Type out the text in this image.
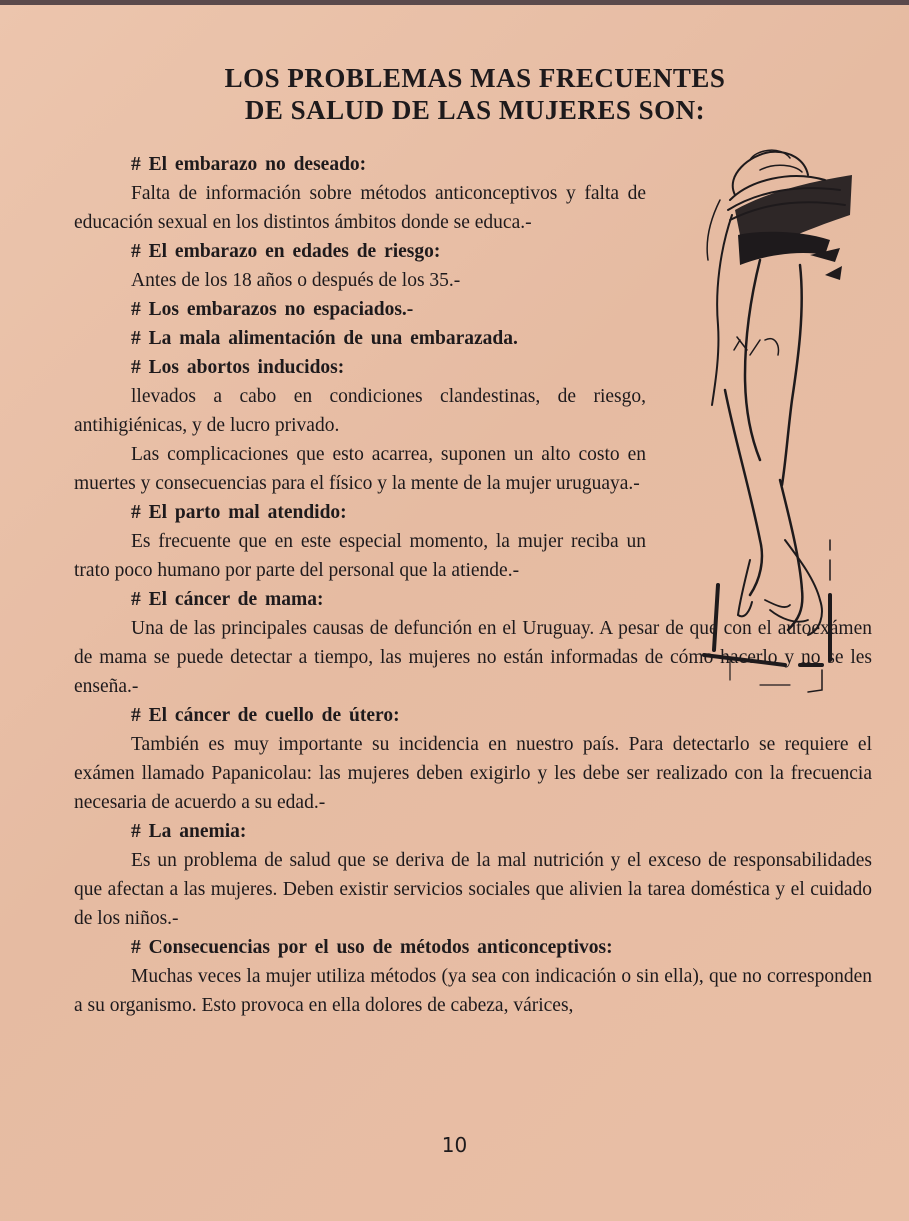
LOS PROBLEMAS MAS FRECUENTES
DE SALUD DE LAS MUJERES SON:
# El embarazo no deseado:

Falta de información sobre métodos anticonceptivos y falta de educación sexual en los distintos ámbitos donde se educa.-

# El embarazo en edades de riesgo:

Antes de los 18 años o después de los 35.-

# Los embarazos no espaciados.-
# La mala alimentación de una embarazada.
# Los abortos inducidos:

llevados a cabo en condiciones clandestinas, de riesgo, antihigiénicas, y de lucro privado.

Las complicaciones que esto acarrea, suponen un alto costo en muertes y consecuencias para el físico y la mente de la mujer uruguaya.-

# El parto mal atendido:

Es frecuente que en este especial momento, la mujer reciba un trato poco humano por parte del personal que la atiende.-

# El cáncer de mama:

Una de las principales causas de defunción en el Uruguay. A pesar de que con el autoexámen de mama se puede detectar a tiempo, las mujeres no están informadas de cómo hacerlo y no se les enseña.-

# El cáncer de cuello de útero:

También es muy importante su incidencia en nuestro país. Para detectarlo se requiere el exámen llamado Papanicolau: las mujeres deben exigirlo y les debe ser realizado con la frecuencia necesaria de acuerdo a su edad.-

# La anemia:

Es un problema de salud que se deriva de la mal nutrición y el exceso de responsabilidades que afectan a las mujeres. Deben existir servicios sociales que alivien la tarea doméstica y el cuidado de los niños.-

# Consecuencias por el uso de métodos anticonceptivos:

Muchas veces la mujer utiliza métodos (ya sea con indicación o sin ella), que no corresponden a su organismo. Esto provoca en ella dolores de cabeza, várices,

10
